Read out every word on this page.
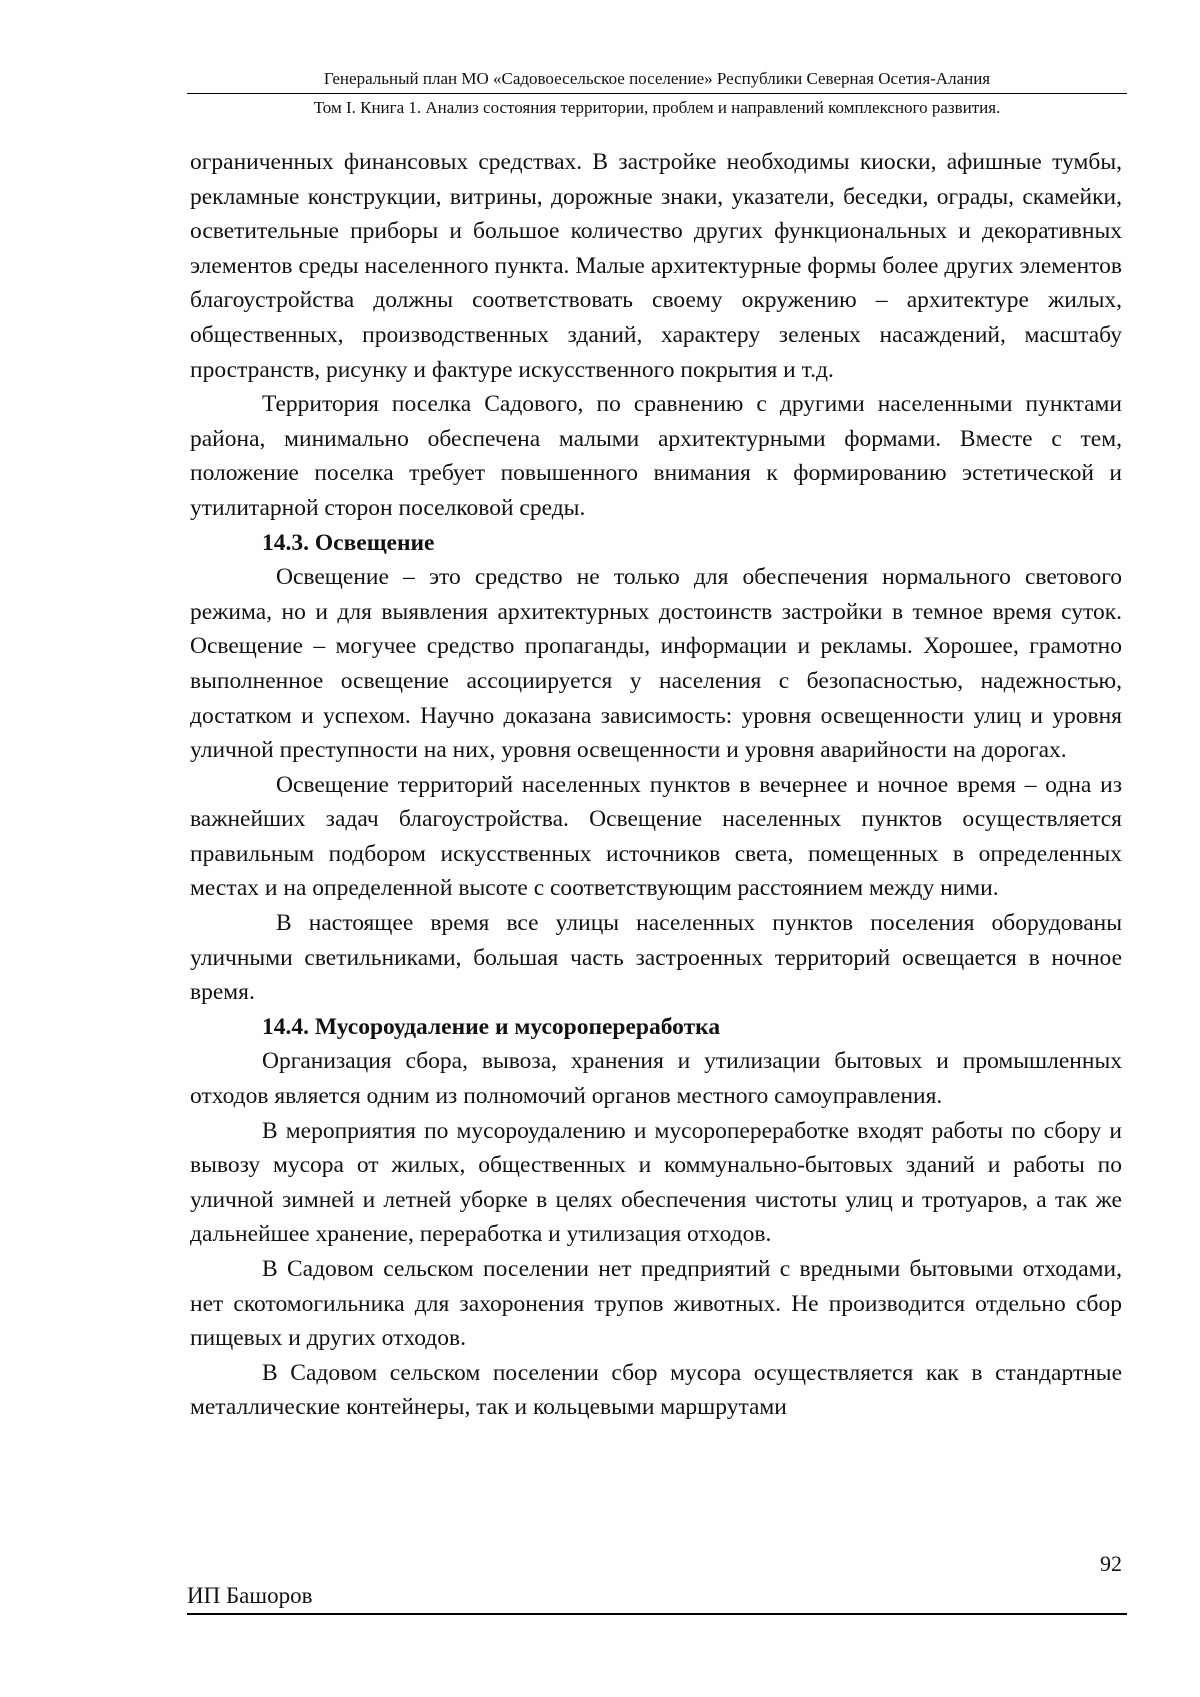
Генеральный план МО «Садовоесельское поселение» Республики Северная Осетия-Алания
Том I. Книга 1. Анализ состояния территории, проблем и направлений комплексного развития.

ограниченных финансовых средствах. В застройке необходимы киоски, афишные тумбы, рекламные конструкции, витрины, дорожные знаки, указатели, беседки, ограды, скамейки, осветительные приборы и большое количество других функциональных и декоративных элементов среды населенного пункта. Малые архитектурные формы более других элементов благоустройства должны соответствовать своему окружению – архитектуре жилых, общественных, производственных зданий, характеру зеленых насаждений, масштабу пространств, рисунку и фактуре искусственного покрытия и т.д.

Территория поселка Садового, по сравнению с другими населенными пунктами района, минимально обеспечена малыми архитектурными формами. Вместе с тем, положение поселка требует повышенного внимания к формированию эстетической и утилитарной сторон поселковой среды.

14.3. Освещение

Освещение – это средство не только для обеспечения нормального светового режима, но и для выявления архитектурных достоинств застройки в темное время суток. Освещение – могучее средство пропаганды, информации и рекламы. Хорошее, грамотно выполненное освещение ассоциируется у населения с безопасностью, надежностью, достатком и успехом. Научно доказана зависимость: уровня освещенности улиц и уровня уличной преступности на них, уровня освещенности и уровня аварийности на дорогах.

Освещение территорий населенных пунктов в вечернее и ночное время – одна из важнейших задач благоустройства. Освещение населенных пунктов осуществляется правильным подбором искусственных источников света, помещенных в определенных местах и на определенной высоте с соответствующим расстоянием между ними.

В настоящее время все улицы населенных пунктов поселения оборудованы уличными светильниками, большая часть застроенных территорий освещается в ночное время.

14.4. Мусороудаление и мусоропереработка

Организация сбора, вывоза, хранения и утилизации бытовых и промышленных отходов является одним из полномочий органов местного самоуправления.

В мероприятия по мусороудалению и мусоропереработке входят работы по сбору и вывозу мусора от жилых, общественных и коммунально-бытовых зданий и работы по уличной зимней и летней уборке в целях обеспечения чистоты улиц и тротуаров, а так же дальнейшее хранение, переработка и утилизация отходов.

В Садовом сельском поселении нет предприятий с вредными бытовыми отходами, нет скотомогильника для захоронения трупов животных. Не производится отдельно сбор пищевых и других отходов.

В Садовом сельском поселении сбор мусора осуществляется как в стандартные металлические контейнеры, так и кольцевыми маршрутами

92
ИП Башоров
